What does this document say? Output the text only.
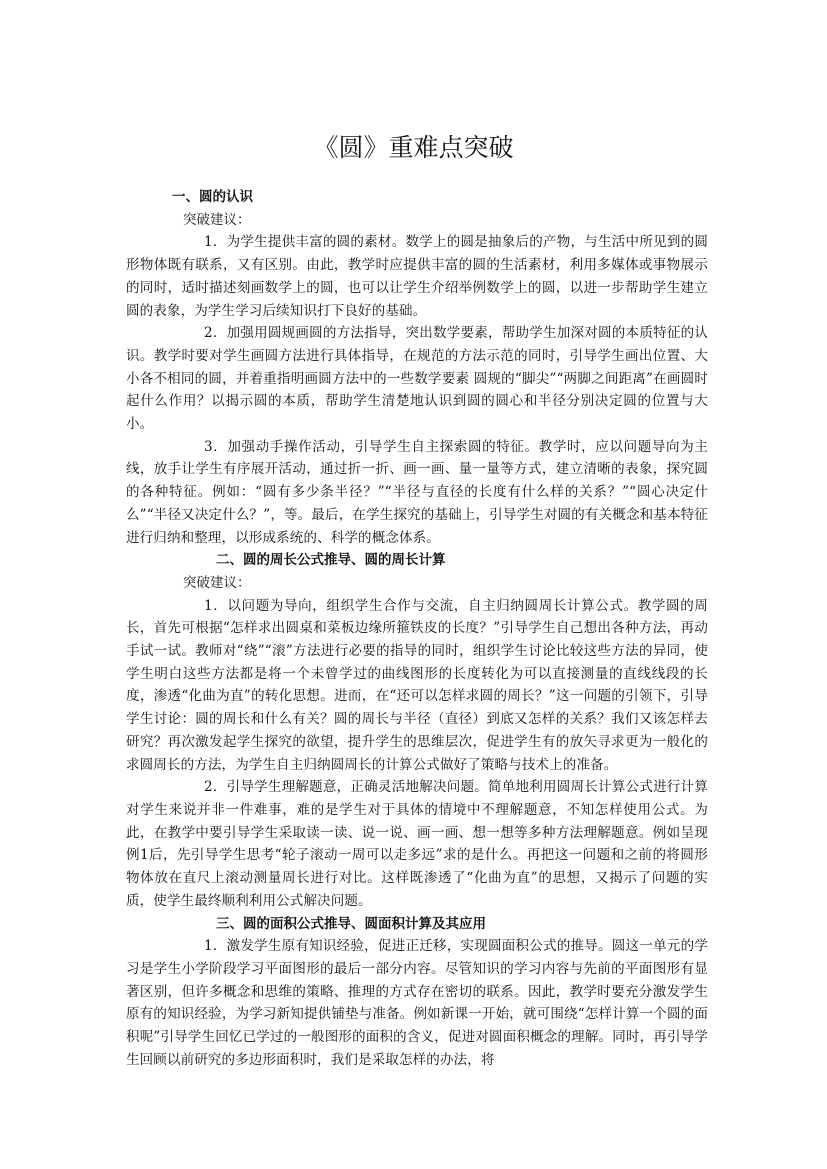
《圆》重难点突破
一、圆的认识
突破建议：

1．为学生提供丰富的圆的素材。数学上的圆是抽象后的产物，与生活中所见到的圆形物体既有联系，又有区别。由此，教学时应提供丰富的圆的生活素材，利用多媒体或事物展示的同时，适时描述刻画数学上的圆，也可以让学生介绍举例数学上的圆，以进一步帮助学生建立圆的表象，为学生学习后续知识打下良好的基础。

2．加强用圆规画圆的方法指导，突出数学要素，帮助学生加深对圆的本质特征的认识。教学时要对学生画圆方法进行具体指导，在规范的方法示范的同时，引导学生画出位置、大小各不相同的圆，并着重指明画圆方法中的一些数学要素 圆规的“脚尖”“两脚之间距离”在画圆时起什么作用？以揭示圆的本质，帮助学生清楚地认识到圆的圆心和半径分别决定圆的位置与大小。

3．加强动手操作活动，引导学生自主探索圆的特征。教学时，应以问题导向为主线，放手让学生有序展开活动，通过折一折、画一画、量一量等方式，建立清晰的表象，探究圆的各种特征。例如：“圆有多少条半径？”“半径与直径的长度有什么样的关系？”“圆心决定什么”“半径又决定什么？”，等。最后，在学生探究的基础上，引导学生对圆的有关概念和基本特征进行归纳和整理，以形成系统的、科学的概念体系。

二、圆的周长公式推导、圆的周长计算
突破建议：

1．以问题为导向，组织学生合作与交流，自主归纳圆周长计算公式。教学圆的周长，首先可根据“怎样求出圆桌和菜板边缘所箍铁皮的长度？”引导学生自己想出各种方法，再动手试一试。教师对“绕”“滚”方法进行必要的指导的同时，组织学生讨论比较这些方法的异同，使学生明白这些方法都是将一个未曾学过的曲线图形的长度转化为可以直接测量的直线线段的长度，渗透“化曲为直”的转化思想。进而，在“还可以怎样求圆的周长？”这一问题的引领下，引导学生讨论：圆的周长和什么有关？圆的周长与半径（直径）到底又怎样的关系？我们又该怎样去研究？再次激发起学生探究的欲望，提升学生的思维层次，促进学生有的放矢寻求更为一般化的求圆周长的方法，为学生自主归纳圆周长的计算公式做好了策略与技术上的准备。

2．引导学生理解题意，正确灵活地解决问题。简单地利用圆周长计算公式进行计算对学生来说并非一件难事，难的是学生对于具体的情境中不理解题意，不知怎样使用公式。为此，在教学中要引导学生采取读一读、说一说、画一画、想一想等多种方法理解题意。例如呈现例1后，先引导学生思考“轮子滚动一周可以走多远”求的是什么。再把这一问题和之前的将圆形物体放在直尺上滚动测量周长进行对比。这样既渗透了“化曲为直”的思想，又揭示了问题的实质，使学生最终顺利利用公式解决问题。

三、圆的面积公式推导、圆面积计算及其应用

1．激发学生原有知识经验，促进正迁移，实现圆面积公式的推导。圆这一单元的学习是学生小学阶段学习平面图形的最后一部分内容。尽管知识的学习内容与先前的平面图形有显著区别，但许多概念和思维的策略、推理的方式存在密切的联系。因此，教学时要充分激发学生原有的知识经验，为学习新知提供铺垫与准备。例如新课一开始，就可围绕“怎样计算一个圆的面积呢”引导学生回忆已学过的一般图形的面积的含义，促进对圆面积概念的理解。同时，再引导学生回顾以前研究的多边形面积时，我们是采取怎样的办法，将
